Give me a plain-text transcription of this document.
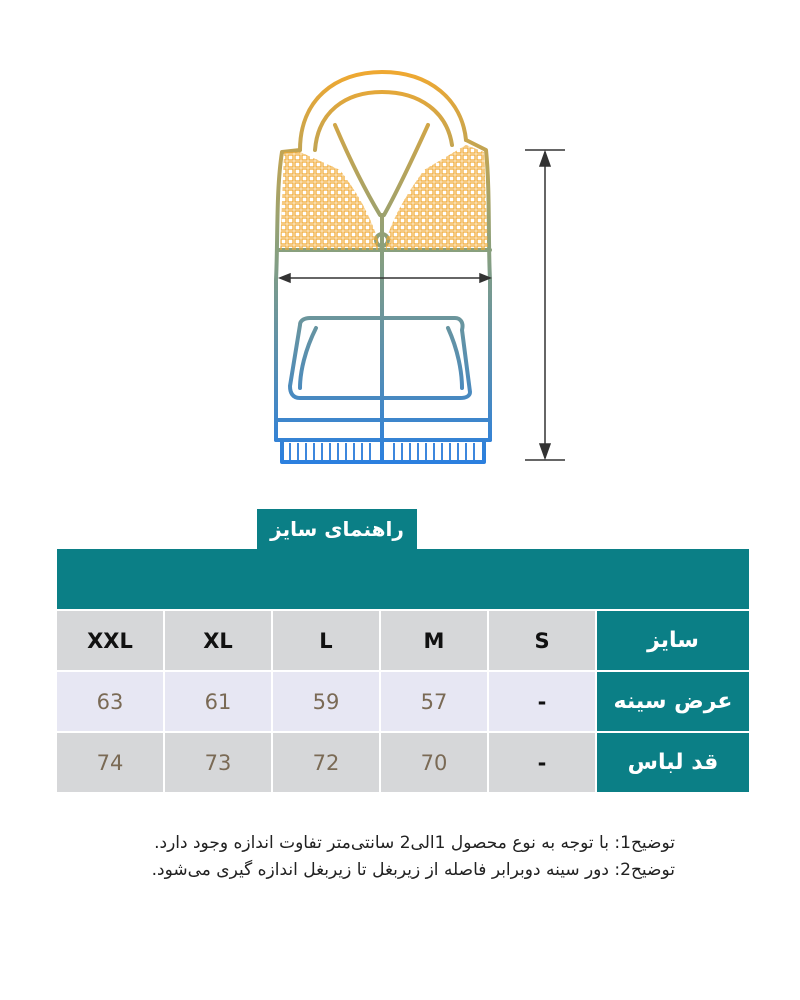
راهنمای سایز
XXL	XL	L	M	S	سایز
63	61	59	57	-	عرض سینه
74	73	72	70	-	قد لباس
توضیح1: با توجه به نوع محصول 1الی2 سانتی‌متر تفاوت اندازه وجود دارد.
توضیح2: دور سینه دوبرابر فاصله از زیربغل تا زیربغل اندازه گیری می‌شود.
